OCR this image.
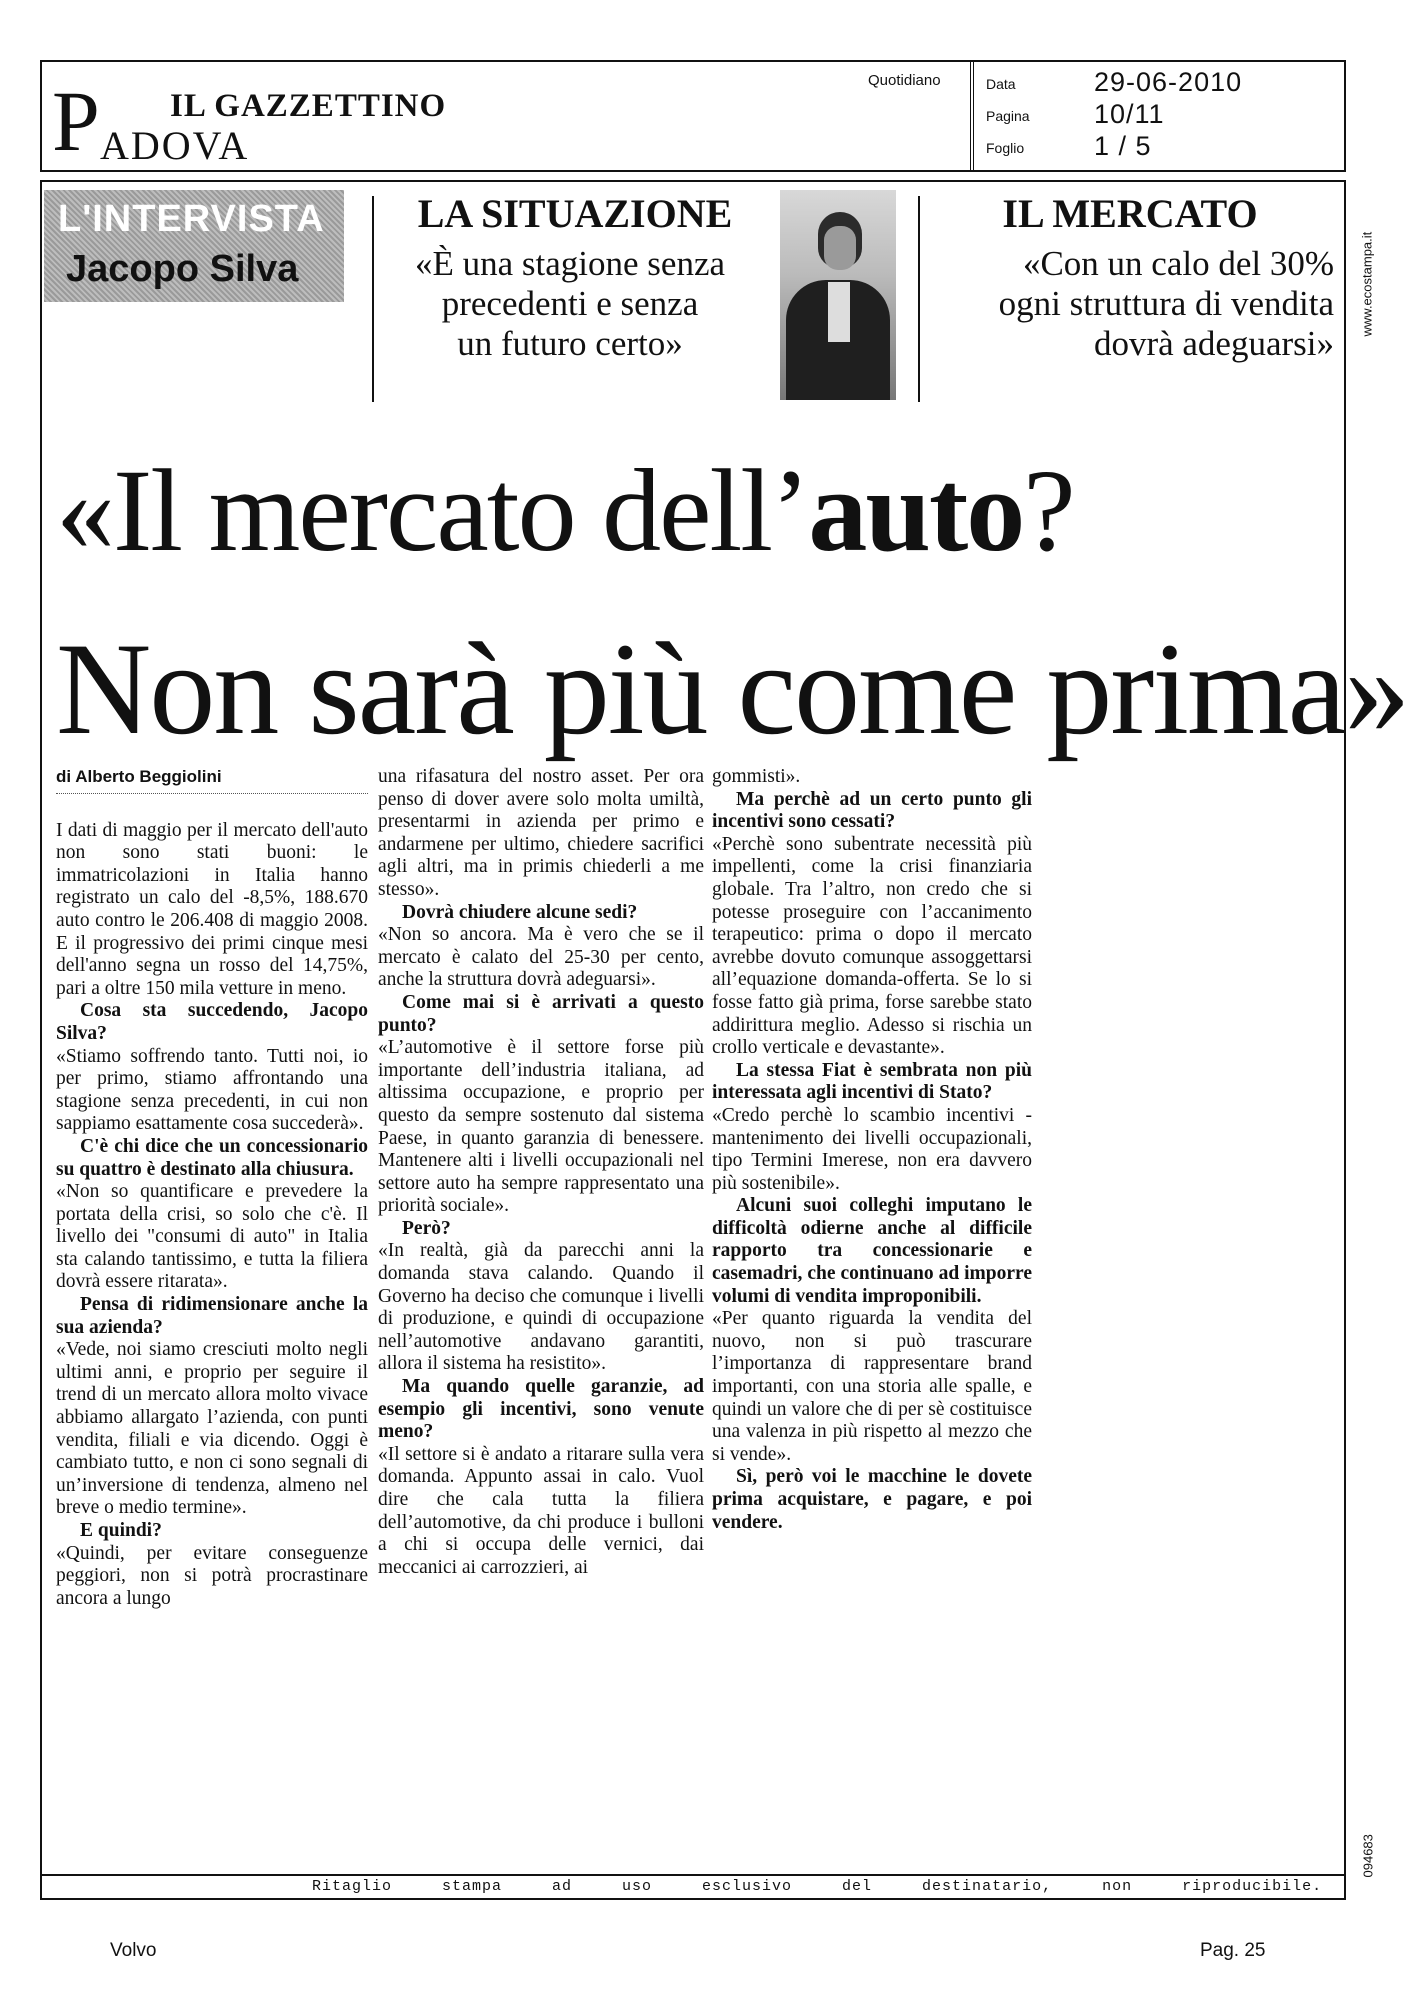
P IL GAZZETTINO
ADOVA
Quotidiano	Data	29-06-2010
Pagina 10/11
Foglio	1 / 5
www.ecostampa.it
094683
L'INTERVISTA
Jacopo Silva
LA SITUAZIONE
«È una stagione senza
precedenti e senza
un futuro certo»
IL MERCATO
«Con un calo del 30%
ogni struttura di vendita
dovrà adeguarsi»
«Il mercato dell’auto?
Non sarà più come prima»

di Alberto Beggiolini

I dati di maggio per il mercato dell'auto non sono stati buoni: le immatricolazioni in Italia hanno registrato un calo del -8,5%, 188.670 auto contro le 206.408 di maggio 2008. E il progressivo dei primi cinque mesi dell'anno segna un rosso del 14,75%, pari a oltre 150 mila vetture in meno.

Cosa sta succedendo, Jacopo Silva?

«Stiamo soffrendo tanto. Tutti noi, io per primo, stiamo affrontando una stagione senza precedenti, in cui non sappiamo esattamente cosa succederà».

C'è chi dice che un concessionario su quattro è destinato alla chiusura.

«Non so quantificare e prevedere la portata della crisi, so solo che c'è. Il livello dei "consumi di auto" in Italia sta calando tantissimo, e tutta la filiera dovrà essere ritarata».

Pensa di ridimensionare anche la sua azienda?

«Vede, noi siamo cresciuti molto negli ultimi anni, e proprio per seguire il trend di un mercato allora molto vivace abbiamo allargato l’azienda, con punti vendita, filiali e via dicendo. Oggi è cambiato tutto, e non ci sono segnali di un’inversione di tendenza, almeno nel breve o medio termine».

E quindi?

«Quindi, per evitare conseguenze peggiori, non si potrà procrastinare ancora a lungo

una rifasatura del nostro asset. Per ora penso di dover avere solo molta umiltà, presentarmi in azienda per primo e andarmene per ultimo, chiedere sacrifici agli altri, ma in primis chiederli a me stesso».

Dovrà chiudere alcune sedi?

«Non so ancora. Ma è vero che se il mercato è calato del 25-30 per cento, anche la struttura dovrà adeguarsi».

Come mai si è arrivati a questo punto?

«L’automotive è il settore forse più importante dell’industria italiana, ad altissima occupazione, e proprio per questo da sempre sostenuto dal sistema Paese, in quanto garanzia di benessere. Mantenere alti i livelli occupazionali nel settore auto ha sempre rappresentato una priorità sociale».

Però?

«In realtà, già da parecchi anni la domanda stava calando. Quando il Governo ha deciso che comunque i livelli di produzione, e quindi di occupazione nell’automotive andavano garantiti, allora il sistema ha resistito».

Ma quando quelle garanzie, ad esempio gli incentivi, sono venute meno?

«Il settore si è andato a ritarare sulla vera domanda. Appunto assai in calo. Vuol dire che cala tutta la filiera dell’automotive, da chi produce i bulloni a chi si occupa delle vernici, dai meccanici ai carrozzieri, ai

gommisti».

Ma perchè ad un certo punto gli incentivi sono cessati?

«Perchè sono subentrate necessità più impellenti, come la crisi finanziaria globale. Tra l’altro, non credo che si potesse proseguire con l’accanimento terapeutico: prima o dopo il mercato avrebbe dovuto comunque assoggettarsi all’equazione domanda-offerta. Se lo si fosse fatto già prima, forse sarebbe stato addirittura meglio. Adesso si rischia un crollo verticale e devastante».

La stessa Fiat è sembrata non più interessata agli incentivi di Stato?

«Credo perchè lo scambio incentivi - mantenimento dei livelli occupazionali, tipo Termini Imerese, non era davvero più sostenibile».

Alcuni suoi colleghi imputano le difficoltà odierne anche al difficile rapporto tra concessionarie e casemadri, che continuano ad imporre volumi di vendita improponibili.

«Per quanto riguarda la vendita del nuovo, non si può trascurare l’importanza di rappresentare brand importanti, con una storia alle spalle, e quindi un valore che di per sè costituisce una valenza in più rispetto al mezzo che si vende».

Sì, però voi le macchine le dovete prima acquistare, e pagare, e poi vendere.

Ritaglio stampa ad uso esclusivo del destinatario, non riproducibile.
Volvo	Pag. 25
